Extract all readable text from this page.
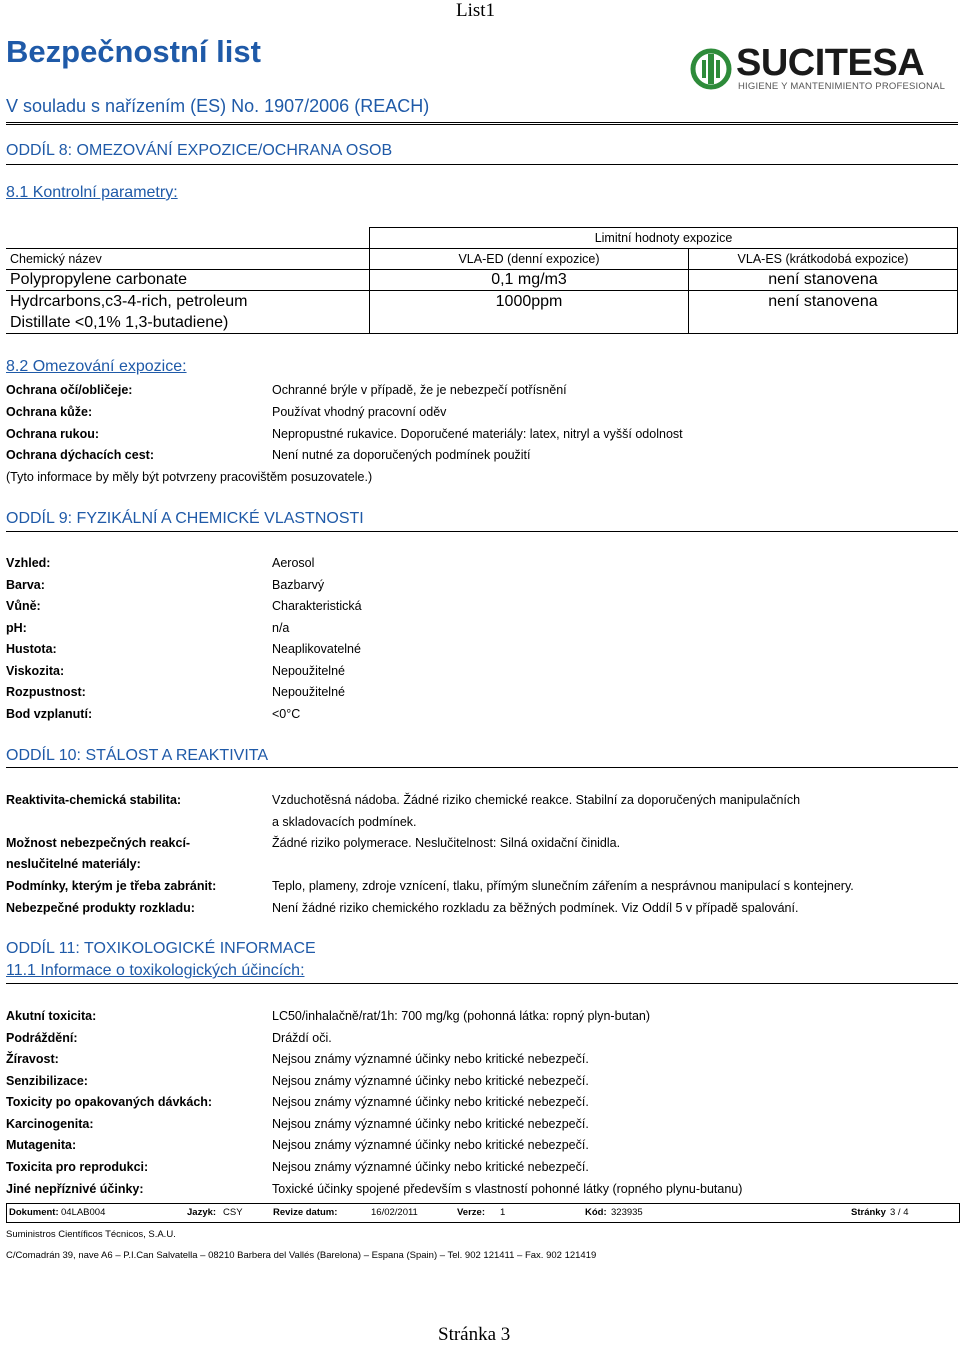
List1
Bezpečnostní list
V souladu s nařízením (ES) No. 1907/2006 (REACH)
SUCITESA
HIGIENE Y MANTENIMIENTO PROFESIONAL
ODDÍL 8: OMEZOVÁNÍ EXPOZICE/OCHRANA OSOB
8.1 Kontrolní parametry:
	Limitní hodnoty expozice	
Chemický název	VLA-ED (denní expozice)	VLA-ES (krátkodobá expozice)
Polypropylene carbonate	0,1 mg/m3	není stanovena

Hydrcarbons,c3-4-rich, petroleum
Distillate <0,1% 1,3-butadiene)	1000ppm	není stanovena
8.2 Omezování expozice:
Ochrana očí/obličeje:	Ochranné brýle v případě, že je nebezpečí potřísnění
Ochrana kůže:	Používat vhodný pracovní oděv
Ochrana rukou:	Nepropustné rukavice. Doporučené materiály: latex, nitryl a vyšší odolnost
Ochrana dýchacích cest:	Není nutné za doporučených podmínek použití
(Tyto informace by měly být potvrzeny pracovištěm posuzovatele.)
ODDÍL 9: FYZIKÁLNÍ A CHEMICKÉ VLASTNOSTI
Vzhled:	Aerosol
Barva:	Bazbarvý
Vůně:	Charakteristická
pH:	n/a
Hustota:	Neaplikovatelné
Viskozita:	Nepoužitelné
Rozpustnost:	Nepoužitelné
Bod vzplanutí:	<0°C
ODDÍL 10: STÁLOST A REAKTIVITA
Reaktivita-chemická stabilita:	Vzduchotěsná nádoba. Žádné riziko chemické reakce. Stabilní za doporučených manipulačních
a skladovacích podmínek.
Možnost nebezpečných reakcí-
neslučitelné materiály:
Žádné riziko polymerace. Neslučitelnost: Silná oxidační činidla.
Podmínky, kterým je třeba zabránit:	Teplo, plameny, zdroje vznícení, tlaku, přímým slunečním zářením a nesprávnou manipulací s kontejnery.
Nebezpečné produkty rozkladu:	Není žádné riziko chemického rozkladu za běžných podmínek. Viz Oddíl 5 v případě spalování.
ODDÍL 11: TOXIKOLOGICKÉ INFORMACE
11.1 Informace o toxikologických účincích:
Akutní toxicita:	LC50/inhalačně/rat/1h: 700 mg/kg (pohonná látka: ropný plyn-butan)
Podráždění:	Dráždí oči.
Žíravost:	Nejsou známy významné účinky nebo kritické nebezpečí.
Senzibilizace:	Nejsou známy významné účinky nebo kritické nebezpečí.
Toxicity po opakovaných dávkách:	Nejsou známy významné účinky nebo kritické nebezpečí.
Karcinogenita:	Nejsou známy významné účinky nebo kritické nebezpečí.
Mutagenita:	Nejsou známy významné účinky nebo kritické nebezpečí.
Toxicita pro reprodukci:	Nejsou známy významné účinky nebo kritické nebezpečí.
Jiné nepříznivé účinky:	Toxické účinky spojené především s vlastností pohonné látky (ropného plynu-butanu)
Dokument: 04LAB004	Jazyk: CSY	Revize datum:	16/02/2011	Verze: 1	Kód: 323935	Stránky 3 / 4
Suministros Científicos Técnicos, S.A.U.
C/Comadrán 39, nave A6 – P.I.Can Salvatella – 08210 Barbera del Vallés (Barelona) – Espana (Spain) – Tel. 902 121411 – Fax. 902 121419
Stránka 3
